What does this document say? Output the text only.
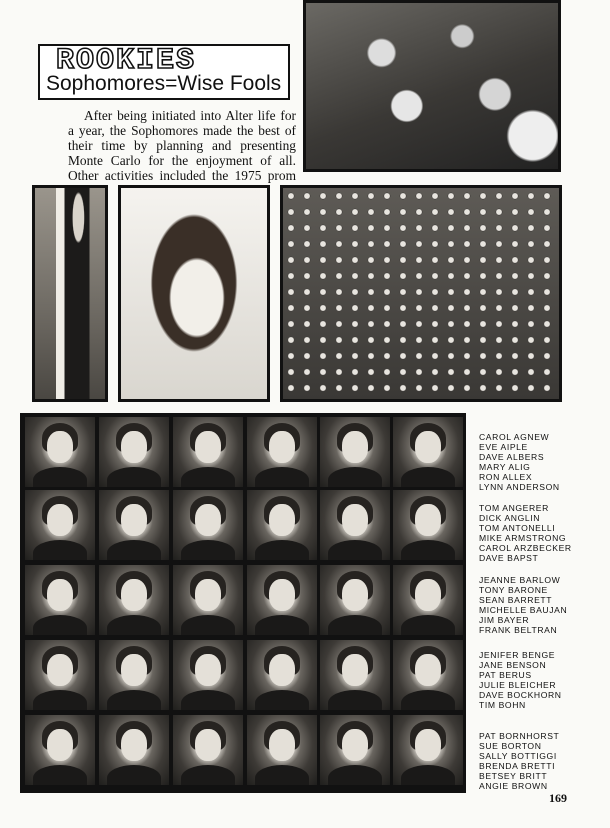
ROOKIES
Sophomores=Wise Fools
After being initiated into Alter life for a year, the Sophomores made the best of their time by planning and presenting Monte Carlo for the enjoyment of all. Other activities included the 1975 prom
CAROL AGNEW
EVE AIPLE
DAVE ALBERS
MARY ALIG
RON ALLEX
LYNN ANDERSON
TOM ANGERER
DICK ANGLIN
TOM ANTONELLI
MIKE ARMSTRONG
CAROL ARZBECKER
DAVE BAPST
JEANNE BARLOW
TONY BARONE
SEAN BARRETT
MICHELLE BAUJAN
JIM BAYER
FRANK BELTRAN
JENIFER BENGE
JANE BENSON
PAT BERUS
JULIE BLEICHER
DAVE BOCKHORN
TIM BOHN
PAT BORNHORST
SUE BORTON
SALLY BOTTIGGI
BRENDA BRETTI
BETSEY BRITT
ANGIE BROWN
169
